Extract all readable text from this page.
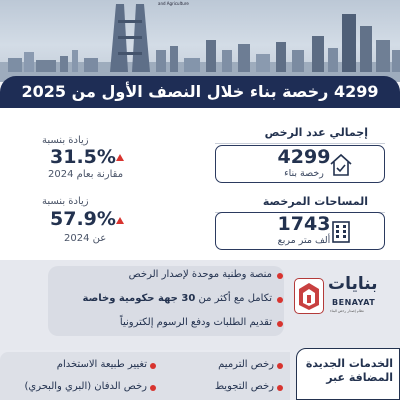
and Agriculture
4299 رخصة بناء خلال النصف الأول من 2025
إجمالي عدد الرخص
4299
رخصة بناء
زيادة بنسبة
31.5%
مقارنة بعام 2024
المساحات المرخصة
1743
ألف متر مربع
زيادة بنسبة
57.9%
عن 2024
منصة وطنية موحدة لإصدار الرخص
تكامل مع أكثر من 30 جهة حكومية وخاصة
تقديم الطلبات ودفع الرسوم إلكترونياً
بنايات
BENAYAT
نظام إصدار رخص البناء
الخدمات الجديدة المضافة عبر
رخص الترميم
تغيير طبيعة الاستخدام
رخص التجويط
رخص الدفان (البري والبحري)
